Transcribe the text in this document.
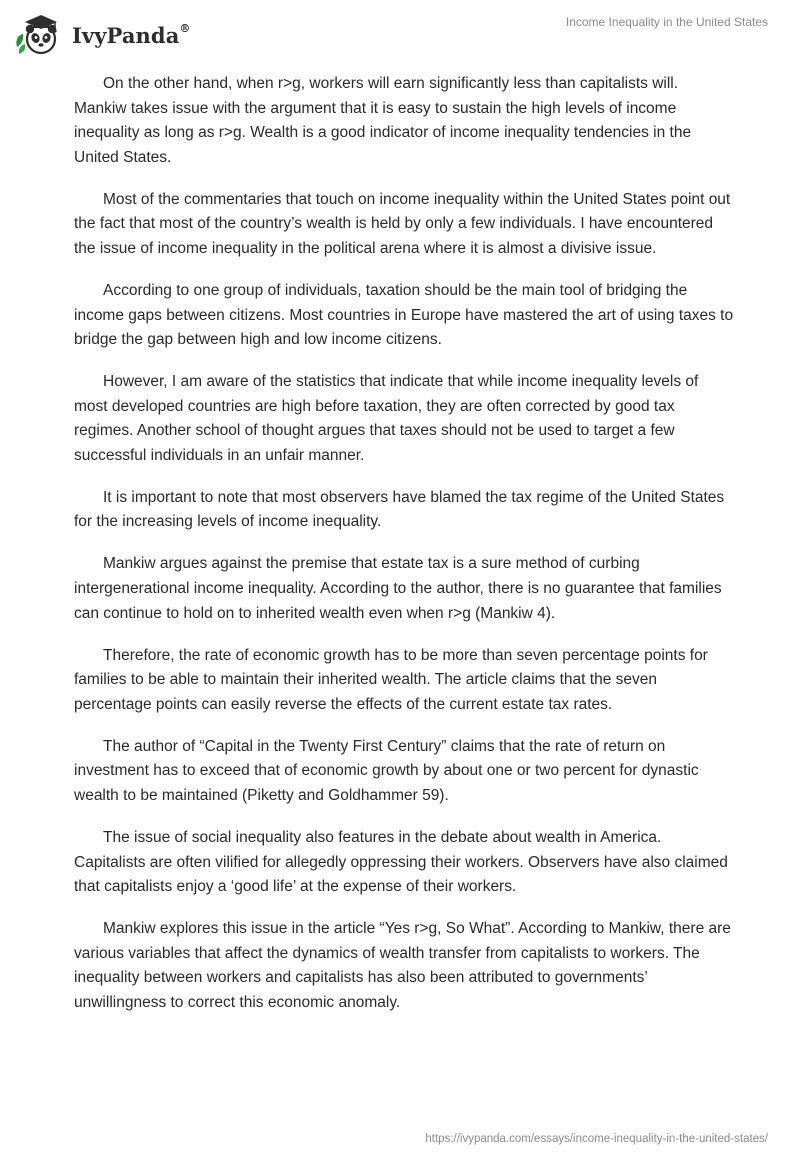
IvyPanda®	Income Inequality in the United States

On the other hand, when r>g, workers will earn significantly less than capitalists will. Mankiw takes issue with the argument that it is easy to sustain the high levels of income inequality as long as r>g. Wealth is a good indicator of income inequality tendencies in the United States.

Most of the commentaries that touch on income inequality within the United States point out the fact that most of the country’s wealth is held by only a few individuals. I have encountered the issue of income inequality in the political arena where it is almost a divisive issue.

According to one group of individuals, taxation should be the main tool of bridging the income gaps between citizens. Most countries in Europe have mastered the art of using taxes to bridge the gap between high and low income citizens.

However, I am aware of the statistics that indicate that while income inequality levels of most developed countries are high before taxation, they are often corrected by good tax regimes. Another school of thought argues that taxes should not be used to target a few successful individuals in an unfair manner.

It is important to note that most observers have blamed the tax regime of the United States for the increasing levels of income inequality.

Mankiw argues against the premise that estate tax is a sure method of curbing intergenerational income inequality. According to the author, there is no guarantee that families can continue to hold on to inherited wealth even when r>g (Mankiw 4).

Therefore, the rate of economic growth has to be more than seven percentage points for families to be able to maintain their inherited wealth. The article claims that the seven percentage points can easily reverse the effects of the current estate tax rates.

The author of “Capital in the Twenty First Century” claims that the rate of return on investment has to exceed that of economic growth by about one or two percent for dynastic wealth to be maintained (Piketty and Goldhammer 59).

The issue of social inequality also features in the debate about wealth in America. Capitalists are often vilified for allegedly oppressing their workers. Observers have also claimed that capitalists enjoy a ‘good life’ at the expense of their workers.

Mankiw explores this issue in the article “Yes r>g, So What”. According to Mankiw, there are various variables that affect the dynamics of wealth transfer from capitalists to workers. The inequality between workers and capitalists has also been attributed to governments’ unwillingness to correct this economic anomaly.

https://ivypanda.com/essays/income-inequality-in-the-united-states/
